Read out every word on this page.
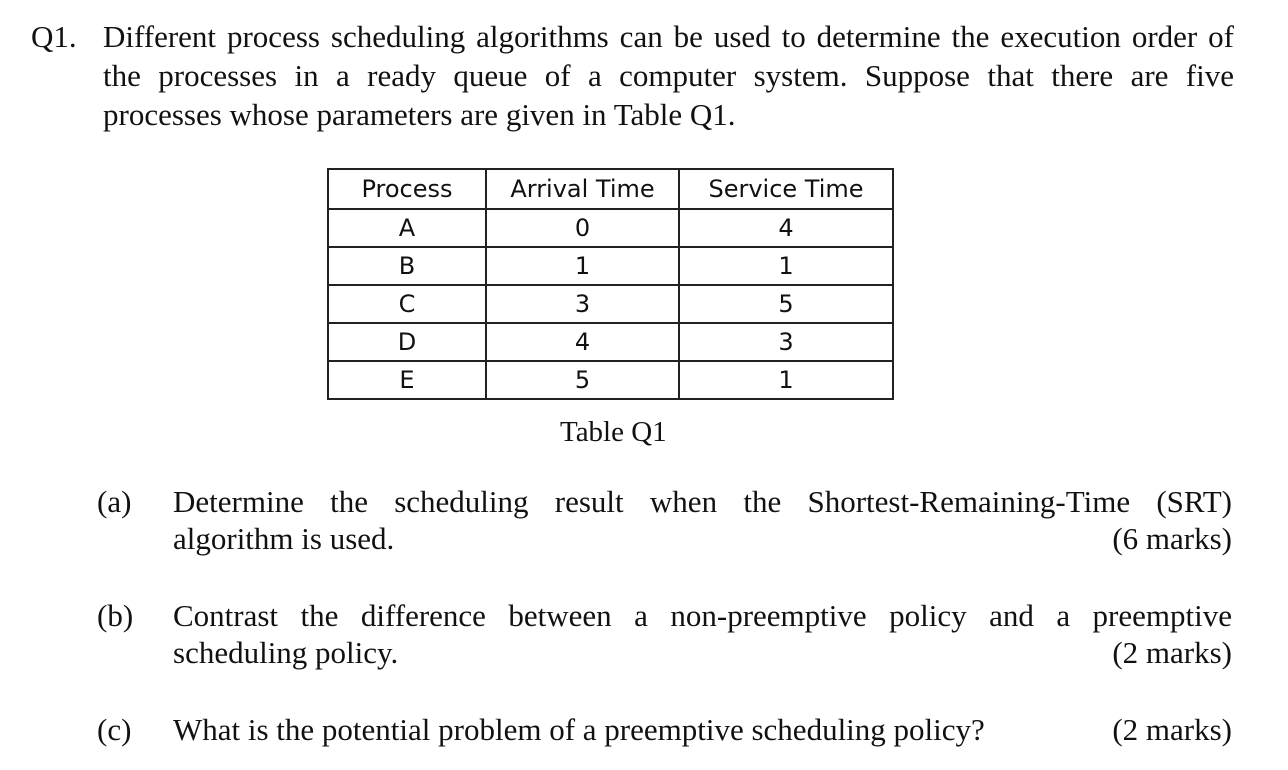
Q1. Different process scheduling algorithms can be used to determine the execution order of
the processes in a ready queue of a computer system. Suppose that there are five
processes whose parameters are given in Table Q1.
Process	Arrival Time	Service Time
A	0	4
B	1	1
C	3	5
D	4	3
E	5	1
Table Q1
(a) Determine the scheduling result when the Shortest-Remaining-Time (SRT)
algorithm is used.	(6 marks)
(b) Contrast the difference between a non-preemptive policy and a preemptive
scheduling policy.	(2 marks)
(c) What is the potential problem of a preemptive scheduling policy?	(2 marks)
